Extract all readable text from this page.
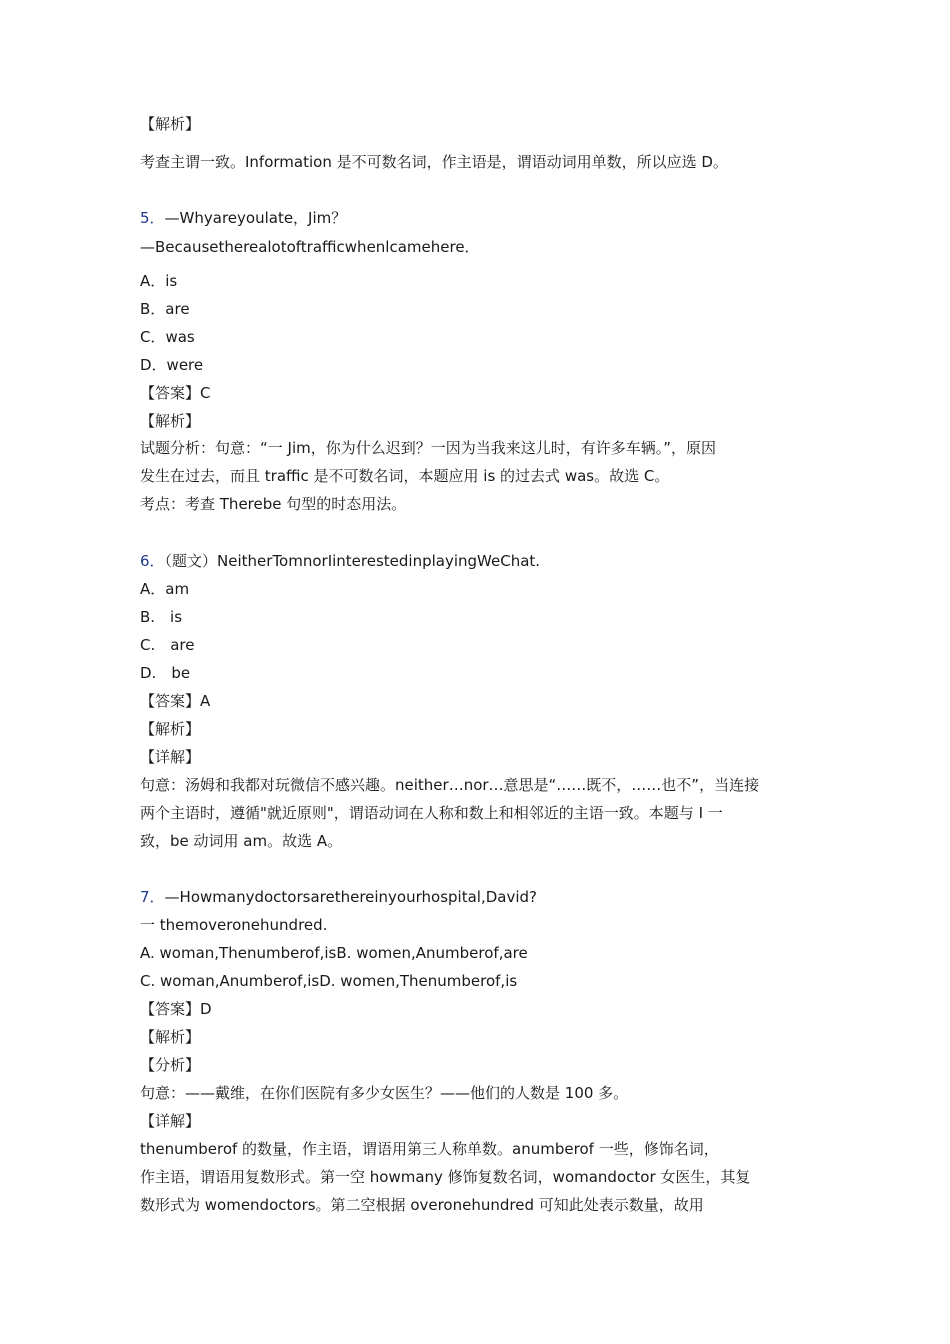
【解析】
考查主谓一致。Information 是不可数名词，作主语是，谓语动词用单数，所以应选 D。
5．—Whyareyoulate，Jim？
—Becausetherealotoftrafficwhenlcamehere．
A．is
B．are
C．was
D．were
【答案】C
【解析】
试题分析：句意：“一 Jim，你为什么迟到？一因为当我来这儿时，有许多车辆。”，原因
发生在过去，而且 traffic 是不可数名词，本题应用 is 的过去式 was。故选 C。
考点：考查 Therebe 句型的时态用法。
6．（题文）NeitherTomnorIinterestedinplayingWeChat.
A．am
B.　is
C.　are
D.　be
【答案】A
【解析】
【详解】
句意：汤姆和我都对玩微信不感兴趣。neither…nor…意思是“……既不，……也不”，当连接
两个主语时，遵循"就近原则"，谓语动词在人称和数上和相邻近的主语一致。本题与 I 一
致，be 动词用 am。故选 A。
7．—Howmanydoctorsarethereinyourhospital,David?
一 themoveronehundred.
A. woman,Thenumberof,isB. women,Anumberof,are
C. woman,Anumberof,isD. women,Thenumberof,is
【答案】D
【解析】
【分析】
句意：——戴维，在你们医院有多少女医生？——他们的人数是 100 多。
【详解】
thenumberof 的数量，作主语，谓语用第三人称单数。anumberof 一些，修饰名词，
作主语，谓语用复数形式。第一空 howmany 修饰复数名词，womandoctor 女医生，其复
数形式为 womendoctors。第二空根据 overonehundred 可知此处表示数量，故用
